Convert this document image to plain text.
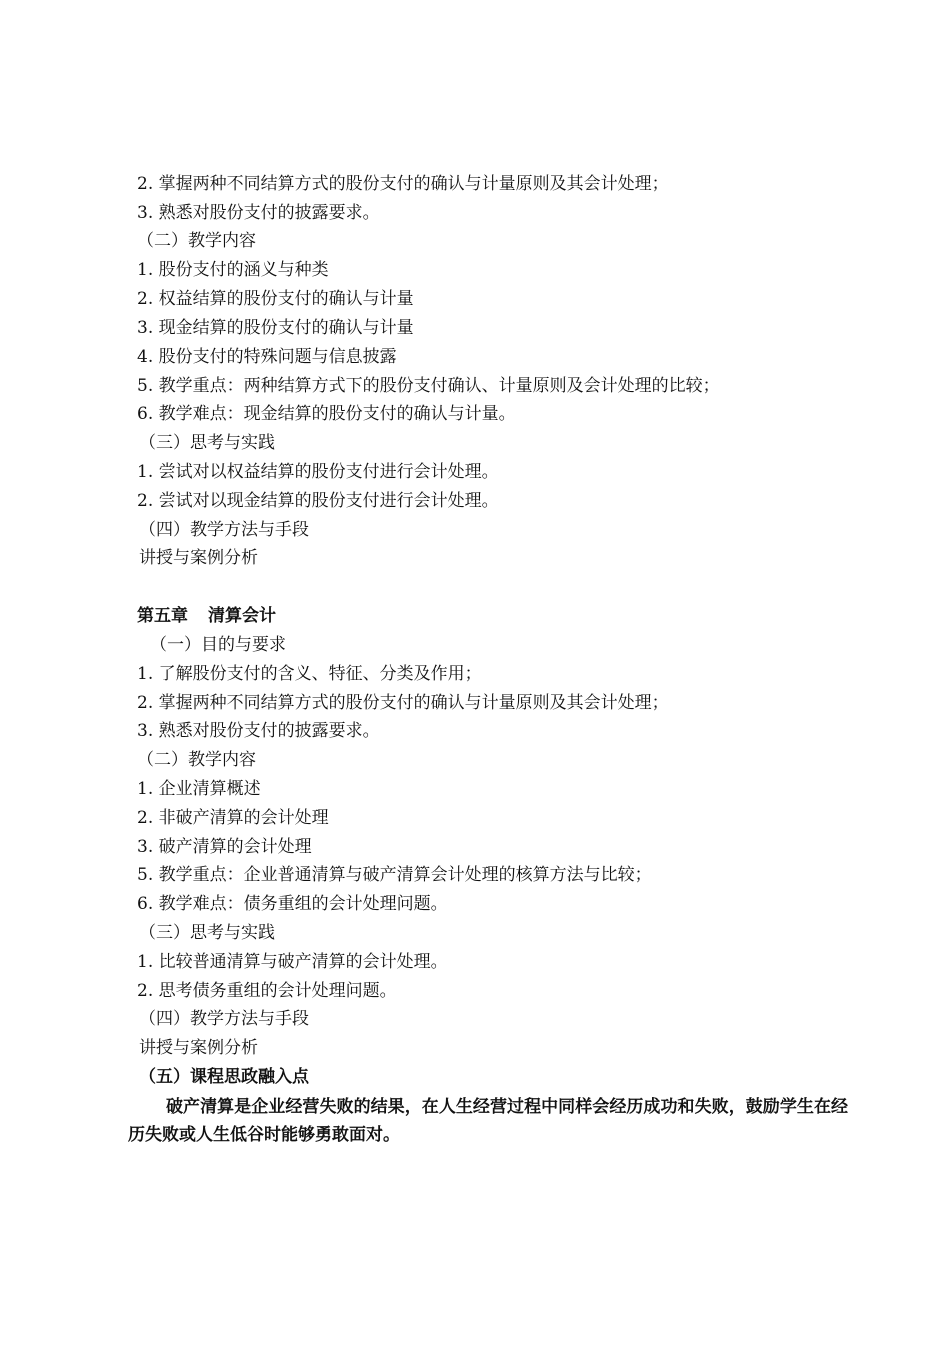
2. 掌握两种不同结算方式的股份支付的确认与计量原则及其会计处理；
3. 熟悉对股份支付的披露要求。
（二）教学内容
1. 股份支付的涵义与种类
2. 权益结算的股份支付的确认与计量
3. 现金结算的股份支付的确认与计量
4. 股份支付的特殊问题与信息披露
5. 教学重点：两种结算方式下的股份支付确认、计量原则及会计处理的比较；
6. 教学难点：现金结算的股份支付的确认与计量。
（三）思考与实践
1. 尝试对以权益结算的股份支付进行会计处理。
2. 尝试对以现金结算的股份支付进行会计处理。
（四）教学方法与手段
讲授与案例分析
第五章 清算会计
（一）目的与要求
1. 了解股份支付的含义、特征、分类及作用；
2. 掌握两种不同结算方式的股份支付的确认与计量原则及其会计处理；
3. 熟悉对股份支付的披露要求。
（二）教学内容
1. 企业清算概述
2. 非破产清算的会计处理
3. 破产清算的会计处理
5. 教学重点：企业普通清算与破产清算会计处理的核算方法与比较；
6. 教学难点：债务重组的会计处理问题。
（三）思考与实践
1. 比较普通清算与破产清算的会计处理。
2. 思考债务重组的会计处理问题。
（四）教学方法与手段
讲授与案例分析
（五）课程思政融入点
破产清算是企业经营失败的结果，在人生经营过程中同样会经历成功和失败，鼓励学生在经历失败或人生低谷时能够勇敢面对。
